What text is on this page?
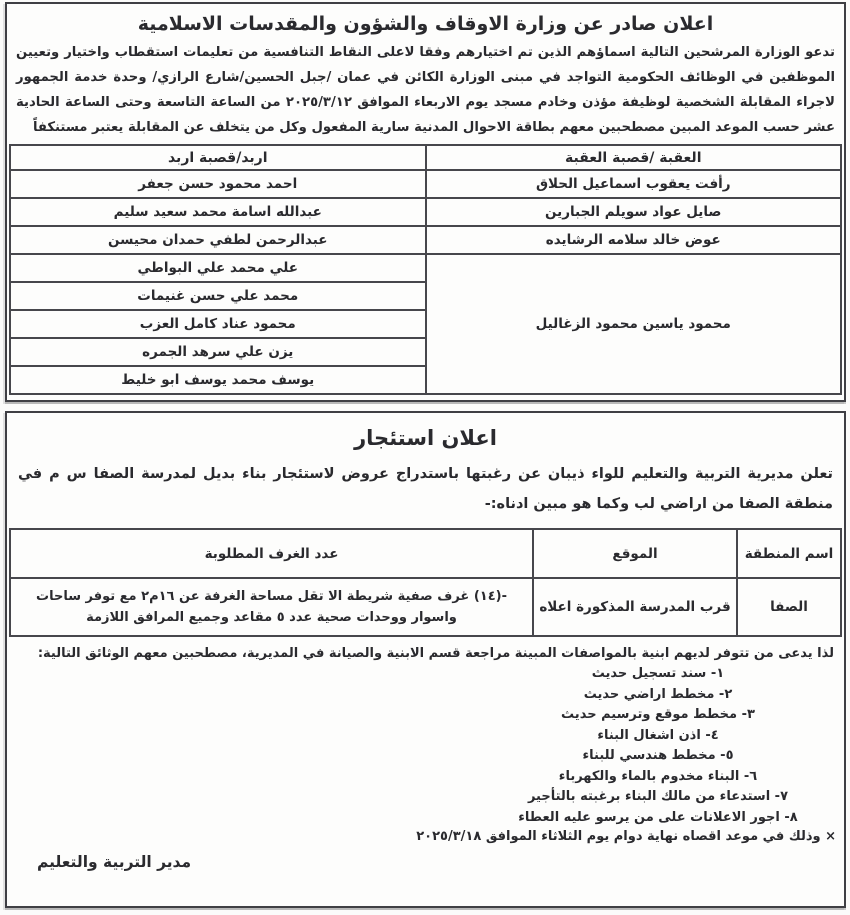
اعلان صادر عن وزارة الاوقاف والشؤون والمقدسات الاسلامية
تدعو الوزارة المرشحين التالية اسماؤهم الذين تم اختيارهم وفقا لاعلى النقاط التنافسية من تعليمات استقطاب واختيار وتعيين الموظفين في الوظائف الحكومية التواجد في مبنى الوزارة الكائن في عمان /جبل الحسين/شارع الرازي/ وحدة خدمة الجمهور لاجراء المقابلة الشخصية لوظيفة مؤذن وخادم مسجد يوم الاربعاء الموافق ٢٠٢٥/٣/١٢ من الساعة التاسعة وحتى الساعة الحادية عشر حسب الموعد المبين مصطحبين معهم بطاقة الاحوال المدنية سارية المفعول وكل من يتخلف عن المقابلة يعتبر مستنكفاً
العقبة /قصبة العقبة	اربد/قصبة اربد
رأفت يعقوب اسماعيل الحلاق	احمد محمود حسن جعفر
صايل عواد سويلم الجبارين	عبدالله اسامة محمد سعيد سليم
عوض خالد سلامه الرشايده	عبدالرحمن لطفي حمدان محيسن
محمود ياسين محمود الزغاليل	علي محمد علي البواطي
	محمد علي حسن غنيمات
	محمود عناد كامل العزب
	يزن علي سرهد الجمره
	يوسف محمد يوسف ابو خليط
اعلان استئجار
تعلن مديرية التربية والتعليم للواء ذيبان عن رغبتها باستدراج عروض لاستئجار بناء بديل لمدرسة الصفا س م في منطقة الصفا من اراضي لب وكما هو مبين ادناه:-
اسم المنطقة	الموقع	عدد الغرف المطلوبة
الصفا	قرب المدرسة المذكورة اعلاه	-(١٤) غرف صفية شريطة الا تقل مساحة الغرفة عن ١٦م٢ مع توفر ساحات واسوار ووحدات صحية عدد ٥ مقاعد وجميع المرافق اللازمة
لذا يدعى من تتوفر لديهم ابنية بالمواصفات المبينة مراجعة قسم الابنية والصيانة في المديرية، مصطحبين معهم الوثائق التالية:
١- سند تسجيل حديث
٢- مخطط اراضي حديث
٣- مخطط موقع وترسيم حديث
٤- اذن اشغال البناء
٥- مخطط هندسي للبناء
٦- البناء مخدوم بالماء والكهرباء
٧- استدعاء من مالك البناء برغبته بالتأجير
٨- اجور الاعلانات على من يرسو عليه العطاء
× وذلك في موعد اقصاه نهاية دوام يوم الثلاثاء الموافق ٢٠٢٥/٣/١٨
مدير التربية والتعليم
